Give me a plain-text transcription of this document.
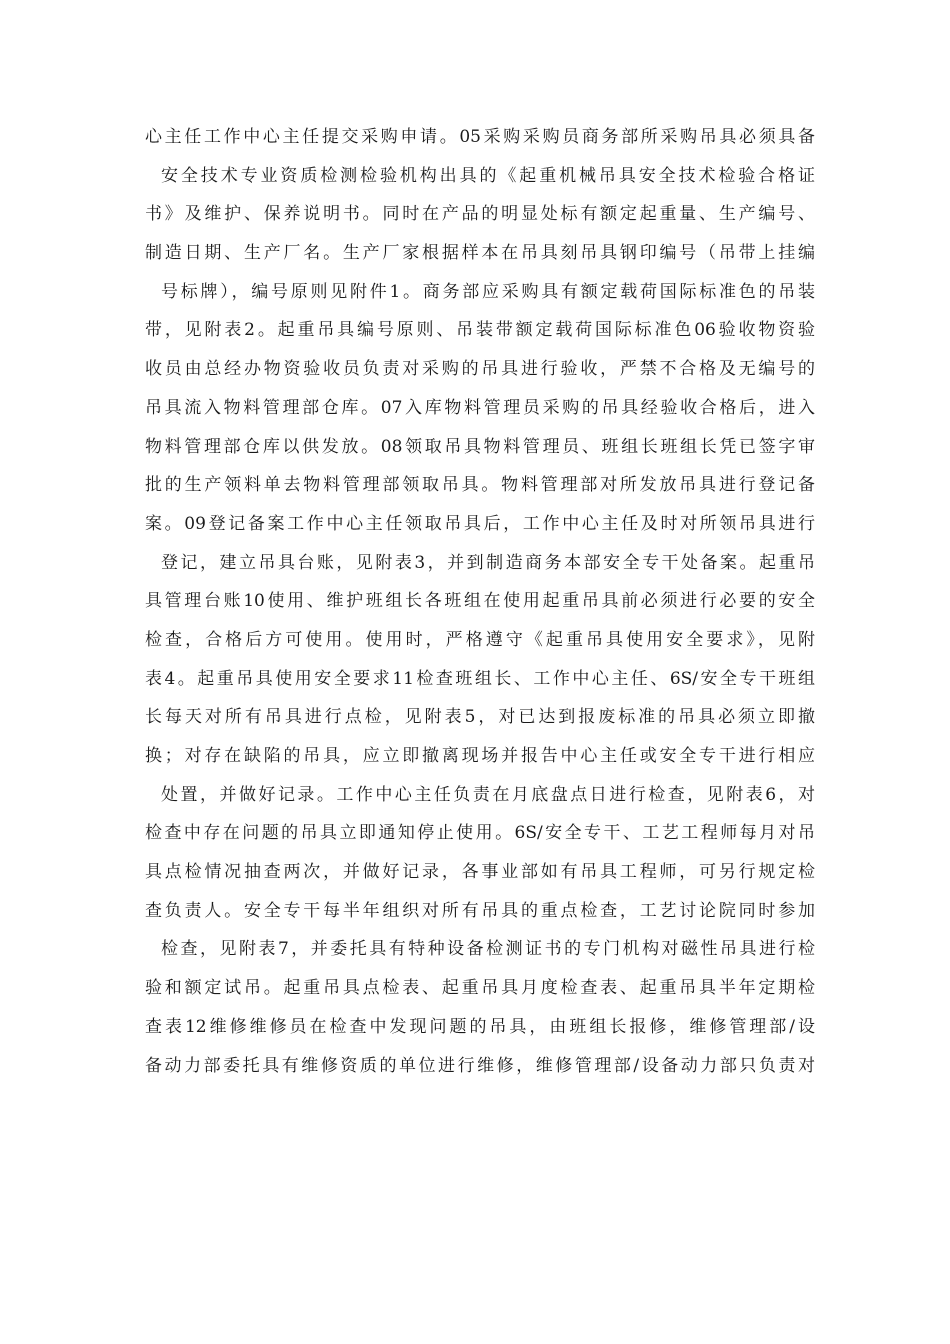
心主任工作中心主任提交采购申请。05采购采购员商务部所采购吊具必须具备
安全技术专业资质检测检验机构出具的《起重机械吊具安全技术检验合格证
书》及维护、保养说明书。同时在产品的明显处标有额定起重量、生产编号、
制造日期、生产厂名。生产厂家根据样本在吊具刻吊具钢印编号（吊带上挂编
号标牌），编号原则见附件1。商务部应采购具有额定载荷国际标准色的吊装
带，见附表2。起重吊具编号原则、吊装带额定载荷国际标准色06验收物资验
收员由总经办物资验收员负责对采购的吊具进行验收，严禁不合格及无编号的
吊具流入物料管理部仓库。07入库物料管理员采购的吊具经验收合格后，进入
物料管理部仓库以供发放。08领取吊具物料管理员、班组长班组长凭已签字审
批的生产领料单去物料管理部领取吊具。物料管理部对所发放吊具进行登记备
案。09登记备案工作中心主任领取吊具后，工作中心主任及时对所领吊具进行
登记，建立吊具台账，见附表3，并到制造商务本部安全专干处备案。起重吊
具管理台账10使用、维护班组长各班组在使用起重吊具前必须进行必要的安全
检查，合格后方可使用。使用时，严格遵守《起重吊具使用安全要求》，见附
表4。起重吊具使用安全要求11检查班组长、工作中心主任、6S/安全专干班组
长每天对所有吊具进行点检，见附表5，对已达到报废标准的吊具必须立即撤
换；对存在缺陷的吊具，应立即撤离现场并报告中心主任或安全专干进行相应
处置，并做好记录。工作中心主任负责在月底盘点日进行检查，见附表6，对
检查中存在问题的吊具立即通知停止使用。6S/安全专干、工艺工程师每月对吊
具点检情况抽查两次，并做好记录，各事业部如有吊具工程师，可另行规定检
查负责人。安全专干每半年组织对所有吊具的重点检查，工艺讨论院同时参加
检查，见附表7，并委托具有特种设备检测证书的专门机构对磁性吊具进行检
验和额定试吊。起重吊具点检表、起重吊具月度检查表、起重吊具半年定期检
查表12维修维修员在检查中发现问题的吊具，由班组长报修，维修管理部/设
备动力部委托具有维修资质的单位进行维修，维修管理部/设备动力部只负责对
